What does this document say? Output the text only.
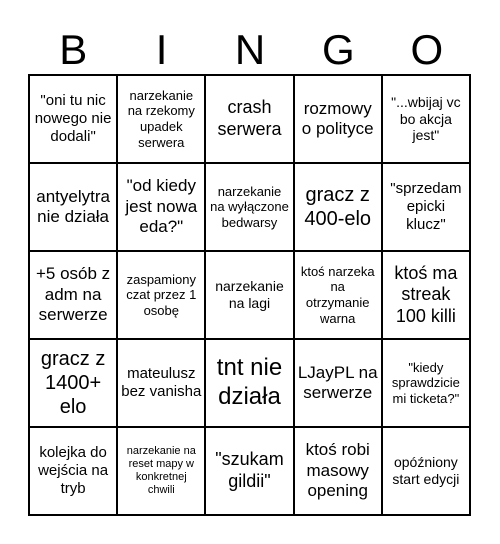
B	I	N	G	O
"oni tu nic nowego nie dodali"
narzekanie na rzekomy upadek serwera
crash serwera
rozmowy o polityce
"...wbijaj vc bo akcja jest"
antyelytra nie działa
"od kiedy jest nowa eda?"
narzekanie na wyłączone bedwarsy
gracz z 400-elo
"sprzedam epicki klucz"
+5 osób z adm na serwerze
zaspamiony czat przez 1 osobę
narzekanie na lagi
ktoś narzeka na otrzymanie warna
ktoś ma streak 100 killi
gracz z 1400+ elo
mateulusz bez vanisha
tnt nie działa
LJayPL na serwerze
"kiedy sprawdzicie mi ticketa?"
kolejka do wejścia na tryb
narzekanie na reset mapy w konkretnej chwili
"szukam gildii"
ktoś robi masowy opening
opóźniony start edycji
